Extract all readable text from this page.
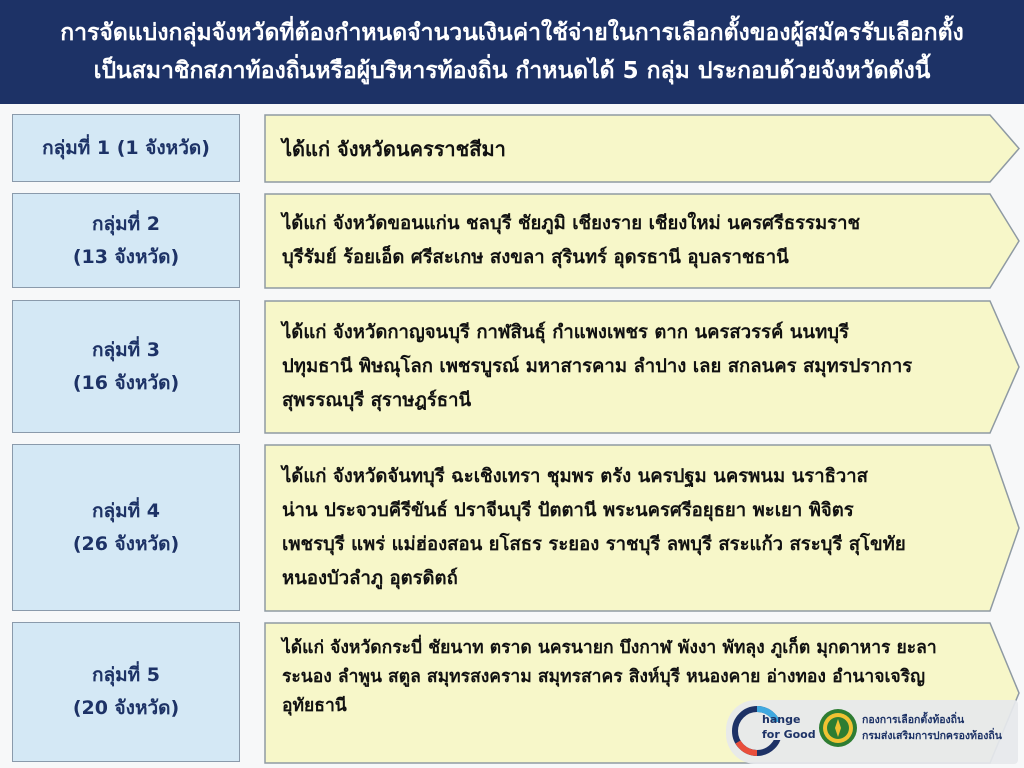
การจัดแบ่งกลุ่มจังหวัดที่ต้องกำหนดจำนวนเงินค่าใช้จ่ายในการเลือกตั้งของผู้สมัครรับเลือกตั้ง
เป็นสมาชิกสภาท้องถิ่นหรือผู้บริหารท้องถิ่น กำหนดได้ 5 กลุ่ม ประกอบด้วยจังหวัดดังนี้
กลุ่มที่ 1 (1 จังหวัด)	ได้แก่ จังหวัดนครราชสีมา
กลุ่มที่ 2
(13 จังหวัด)
ได้แก่ จังหวัดขอนแก่น ชลบุรี ชัยภูมิ เชียงราย เชียงใหม่ นครศรีธรรมราช
บุรีรัมย์ ร้อยเอ็ด ศรีสะเกษ สงขลา สุรินทร์ อุดรธานี อุบลราชธานี
กลุ่มที่ 3
(16 จังหวัด)
ได้แก่ จังหวัดกาญจนบุรี กาฬสินธุ์ กำแพงเพชร ตาก นครสวรรค์ นนทบุรี
ปทุมธานี พิษณุโลก เพชรบูรณ์ มหาสารคาม ลำปาง เลย สกลนคร สมุทรปราการ
สุพรรณบุรี สุราษฎร์ธานี
กลุ่มที่ 4
(26 จังหวัด)
ได้แก่ จังหวัดจันทบุรี ฉะเชิงเทรา ชุมพร ตรัง นครปฐม นครพนม นราธิวาส
น่าน ประจวบคีรีขันธ์ ปราจีนบุรี ปัตตานี พระนครศรีอยุธยา พะเยา พิจิตร
เพชรบุรี แพร่ แม่ฮ่องสอน ยโสธร ระยอง ราชบุรี ลพบุรี สระแก้ว สระบุรี สุโขทัย
หนองบัวลำภู อุตรดิตถ์
กลุ่มที่ 5
(20 จังหวัด)
ได้แก่ จังหวัดกระบี่ ชัยนาท ตราด นครนายก บึงกาฬ พังงา พัทลุง ภูเก็ต มุกดาหาร ยะลา
ระนอง ลำพูน สตูล สมุทรสงคราม สมุทรสาคร สิงห์บุรี หนองคาย อ่างทอง อำนาจเจริญ
อุทัยธานี
hange
for Good
กองการเลือกตั้งท้องถิ่น
กรมส่งเสริมการปกครองท้องถิ่น
